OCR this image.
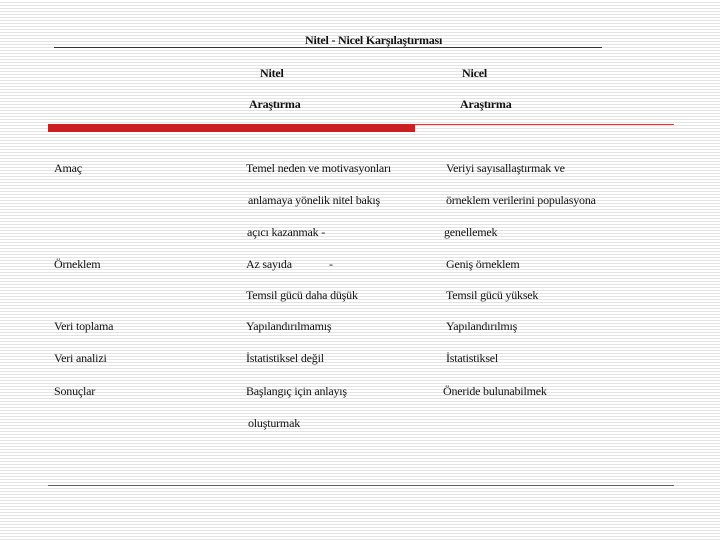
Nitel - Nicel Karşılaştırması
Nitel
Araştırma
Nicel
Araştırma
Amaç
Örneklem
Veri toplama
Veri analizi
Sonuçlar
Temel neden ve motivasyonları
anlamaya yönelik nitel bakış
açıcı kazanmak -
Az sayıda	-
Temsil gücü daha düşük
Yapılandırılmamış
İstatistiksel değil
Başlangıç için anlayış
oluşturmak
Veriyi sayısallaştırmak ve
örneklem verilerini populasyona
genellemek
Geniş örneklem
Temsil gücü yüksek
Yapılandırılmış
İstatistiksel
Öneride bulunabilmek
